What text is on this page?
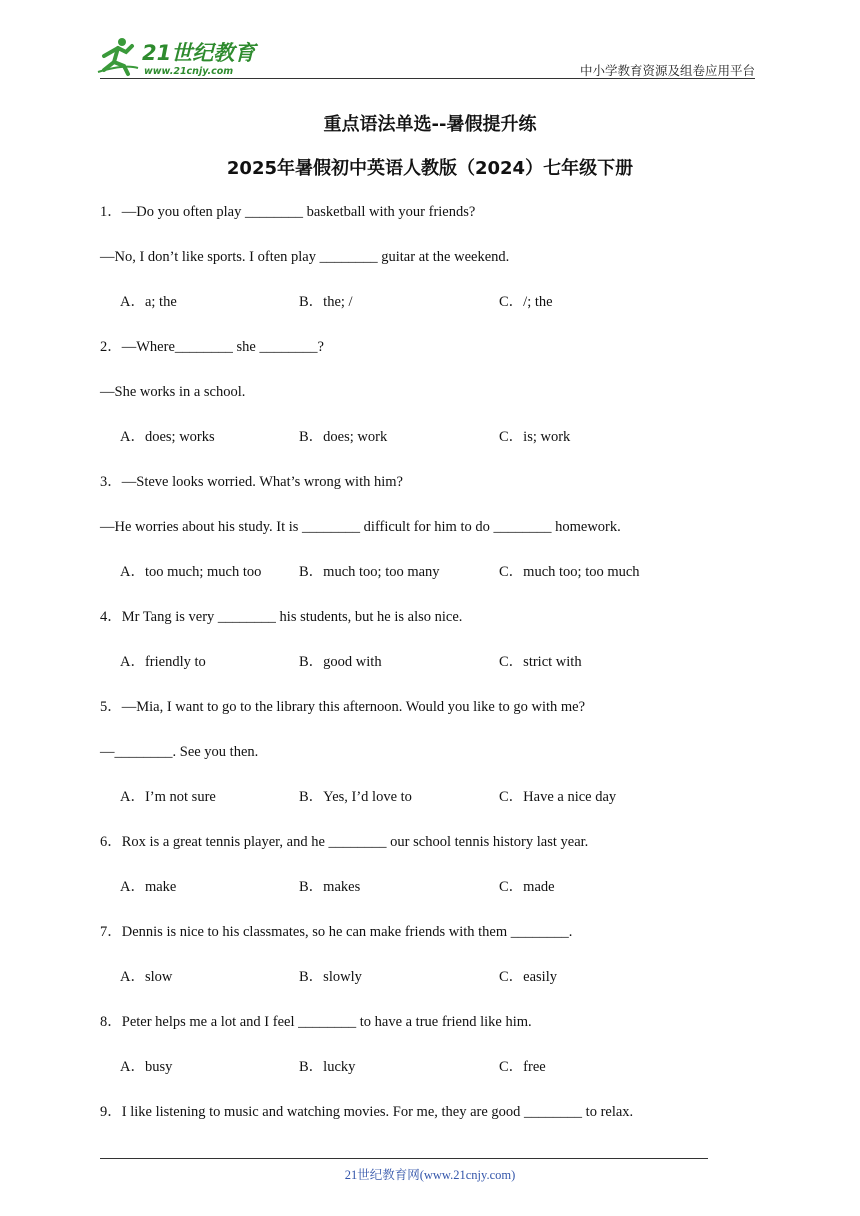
21世纪教育
www.21cnjy.com	中小学教育资源及组卷应用平台
重点语法单选--暑假提升练
2025年暑假初中英语人教版（2024）七年级下册
1．—Do you often play ________ basketball with your friends?
—No, I don’t like sports. I often play ________ guitar at the weekend.
A．a; the	B．the; /	C．/; the
2．—Where________ she ________?
—She works in a school.
A．does; works	B．does; work	C．is; work
3．—Steve looks worried. What’s wrong with him?
—He worries about his study. It is ________ difficult for him to do ________ homework.
A．too much; much too	B．much too; too many	C．much too; too much
4．Mr Tang is very ________ his students, but he is also nice.
A．friendly to	B．good with	C．strict with
5．—Mia, I want to go to the library this afternoon. Would you like to go with me?
—________. See you then.
A．I’m not sure	B．Yes, I’d love to	C．Have a nice day
6．Rox is a great tennis player, and he ________ our school tennis history last year.
A．make	B．makes	C．made
7．Dennis is nice to his classmates, so he can make friends with them ________.
A．slow	B．slowly	C．easily
8．Peter helps me a lot and I feel ________ to have a true friend like him.
A．busy	B．lucky	C．free
9．I like listening to music and watching movies. For me, they are good ________ to relax.
21世纪教育网(www.21cnjy.com)
